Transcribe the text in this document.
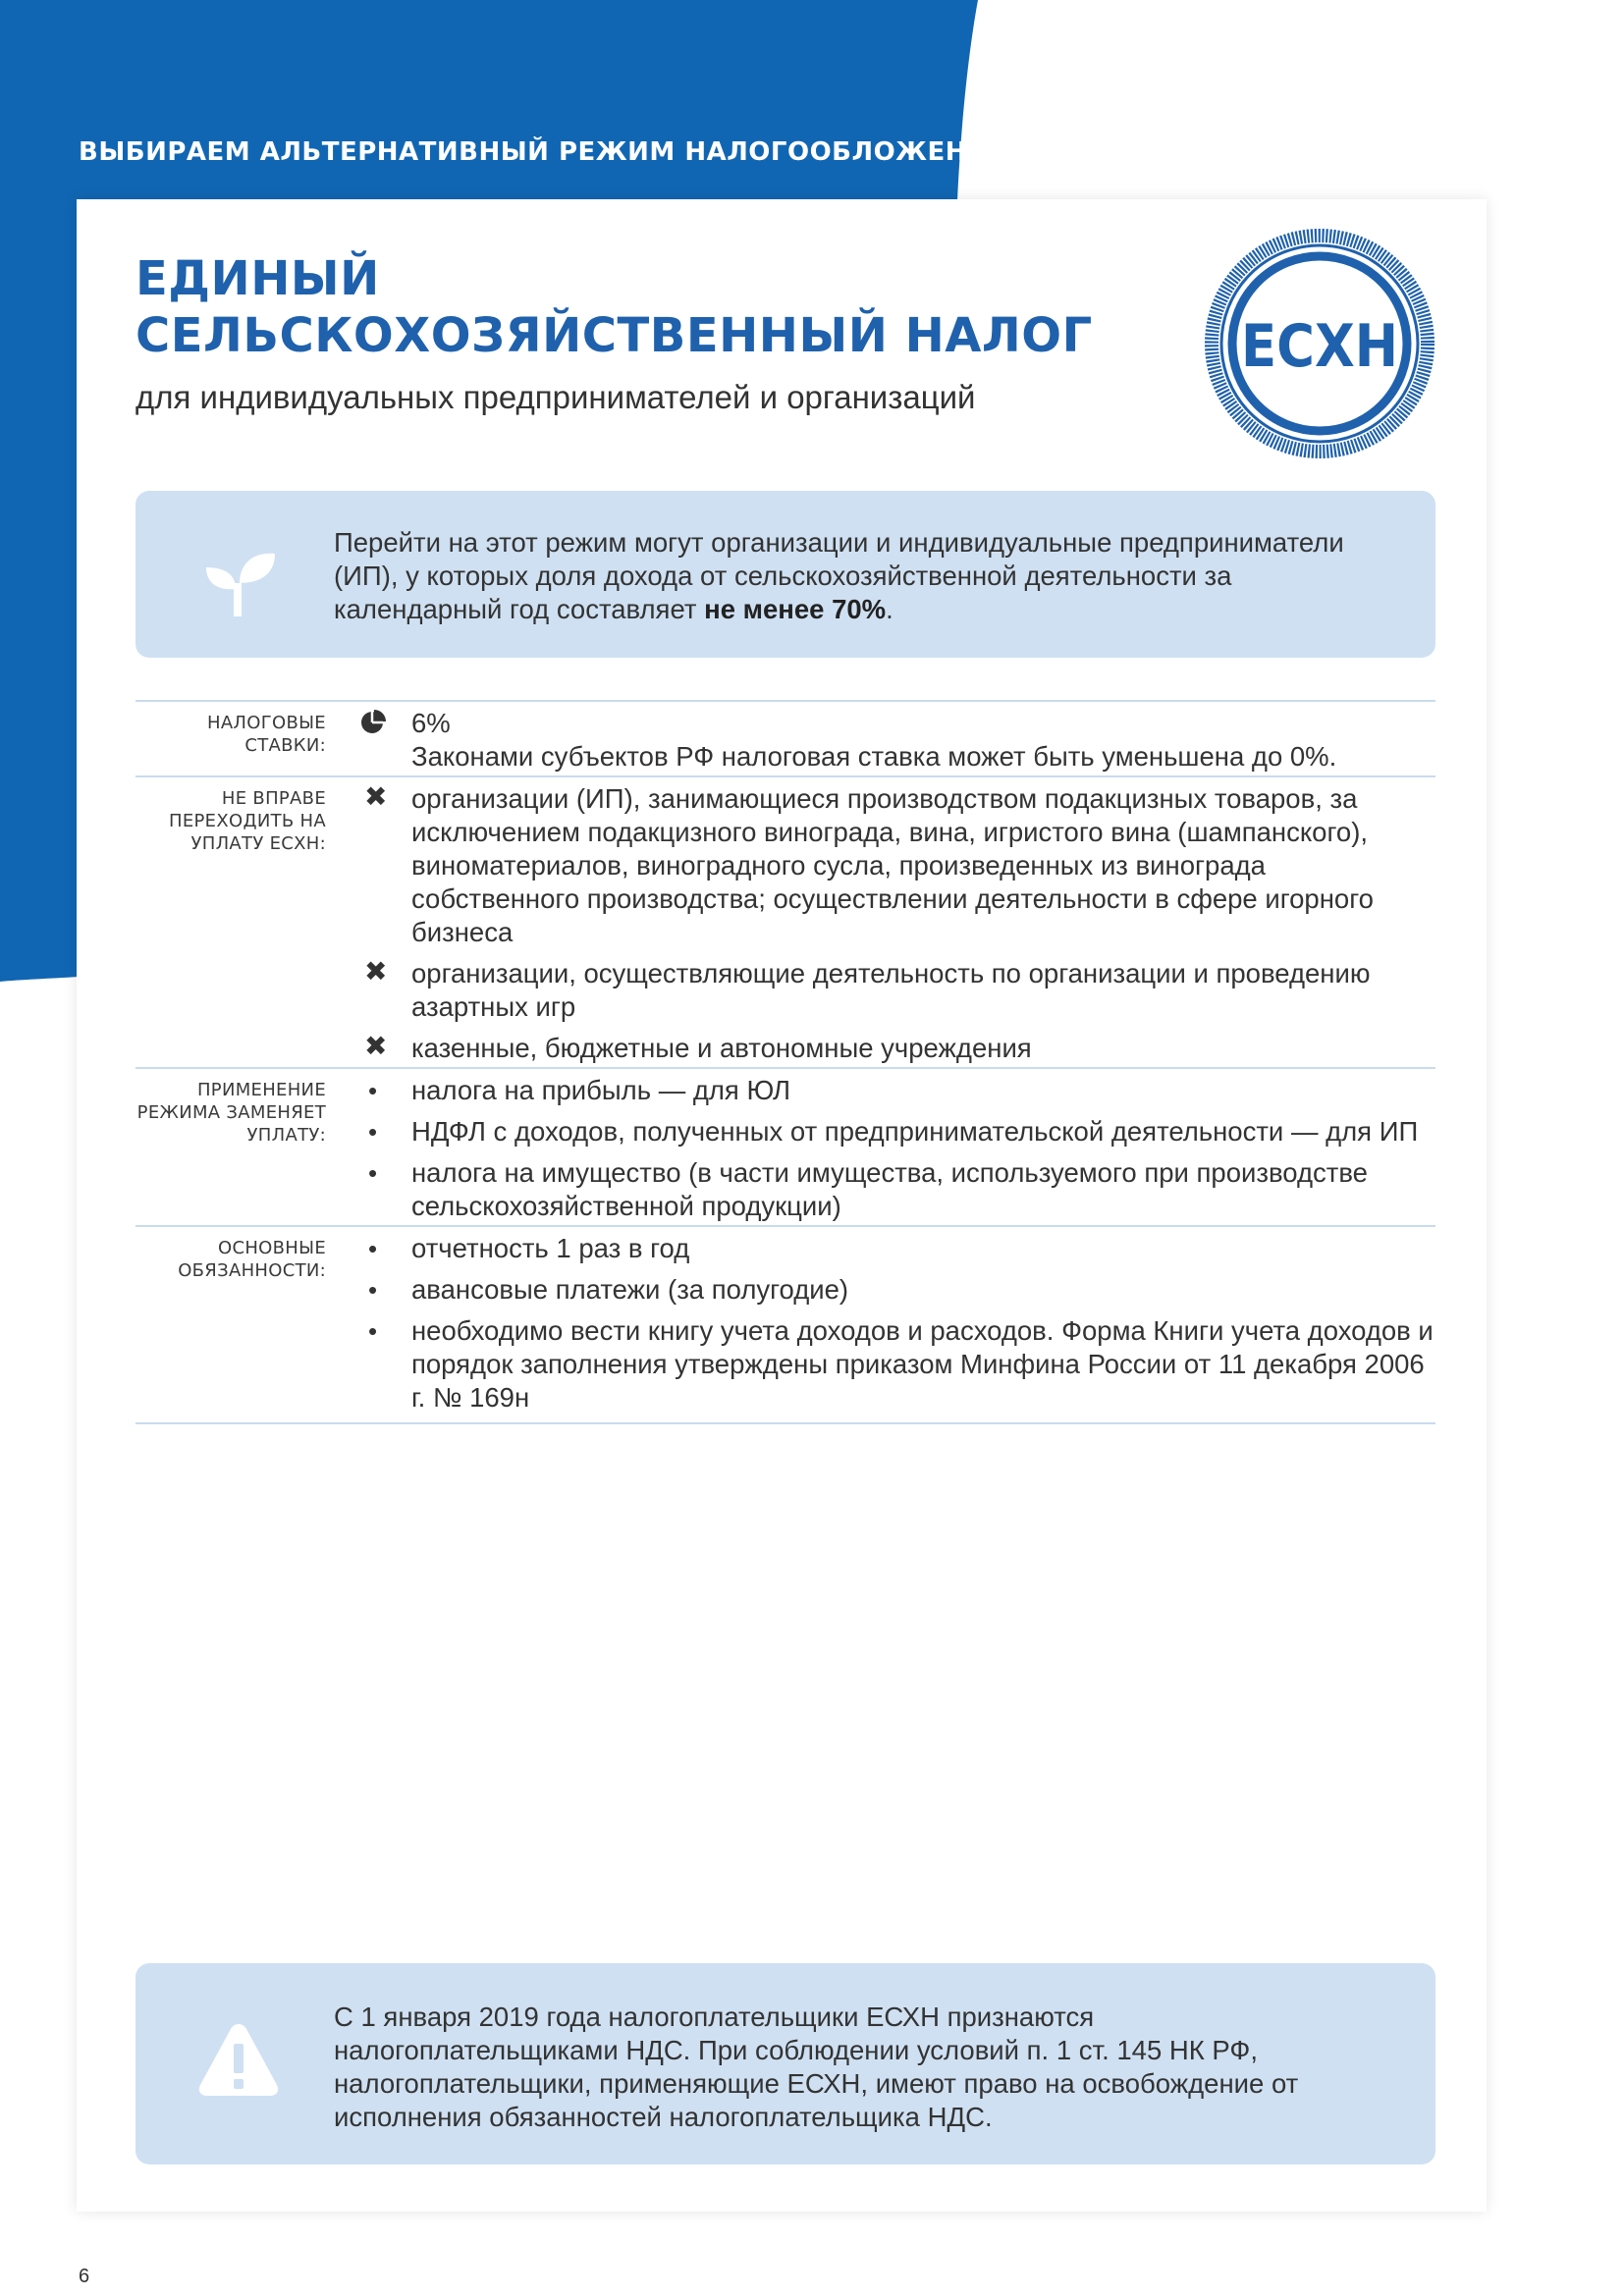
ВЫБИРАЕМ АЛЬТЕРНАТИВНЫЙ РЕЖИМ НАЛОГООБЛОЖЕНИЯ
ЕДИНЫЙ
СЕЛЬСКОХОЗЯЙСТВЕННЫЙ НАЛОГ
для индивидуальных предпринимателей и организаций
ЕСХН
Перейти на этот режим могут организации и индивидуальные предприниматели (ИП), у которых доля дохода от сельскохозяйственной деятельности за календарный год составляет не менее 70%.
НАЛОГОВЫЕ СТАВКИ:
6%
Законами субъектов РФ налоговая ставка может быть уменьшена до 0%.
НЕ ВПРАВЕ ПЕРЕХОДИТЬ НА УПЛАТУ ЕСХН:
✖ организации (ИП), занимающиеся производством подакцизных товаров, за исключением подакцизного винограда, вина, игристого вина (шампанского), виноматериалов, виноградного сусла, произведенных из винограда собственного производства; осуществлении деятельности в сфере игорного бизнеса
✖ организации, осуществляющие деятельность по организации и проведению азартных игр
✖ казенные, бюджетные и автономные учреждения
ПРИМЕНЕНИЕ РЕЖИМА ЗАМЕНЯЕТ УПЛАТУ:
•	налога на прибыль — для ЮЛ
•	НДФЛ с доходов, полученных от предпринимательской деятельности — для ИП
•	налога на имущество (в части имущества, используемого при производстве сельскохозяйственной продукции)
ОСНОВНЫЕ ОБЯЗАННОСТИ:
•	отчетность 1 раз в год
•	авансовые платежи (за полугодие)
•	необходимо вести книгу учета доходов и расходов. Форма Книги учета доходов и порядок заполнения утверждены приказом Минфина России от 11 декабря 2006 г. № 169н
С 1 января 2019 года налогоплательщики ЕСХН признаются налогоплательщиками НДС. При соблюдении условий п. 1 ст. 145 НК РФ, налогоплательщики, применяющие ЕСХН, имеют право на освобождение от исполнения обязанностей налогоплательщика НДС.
6
